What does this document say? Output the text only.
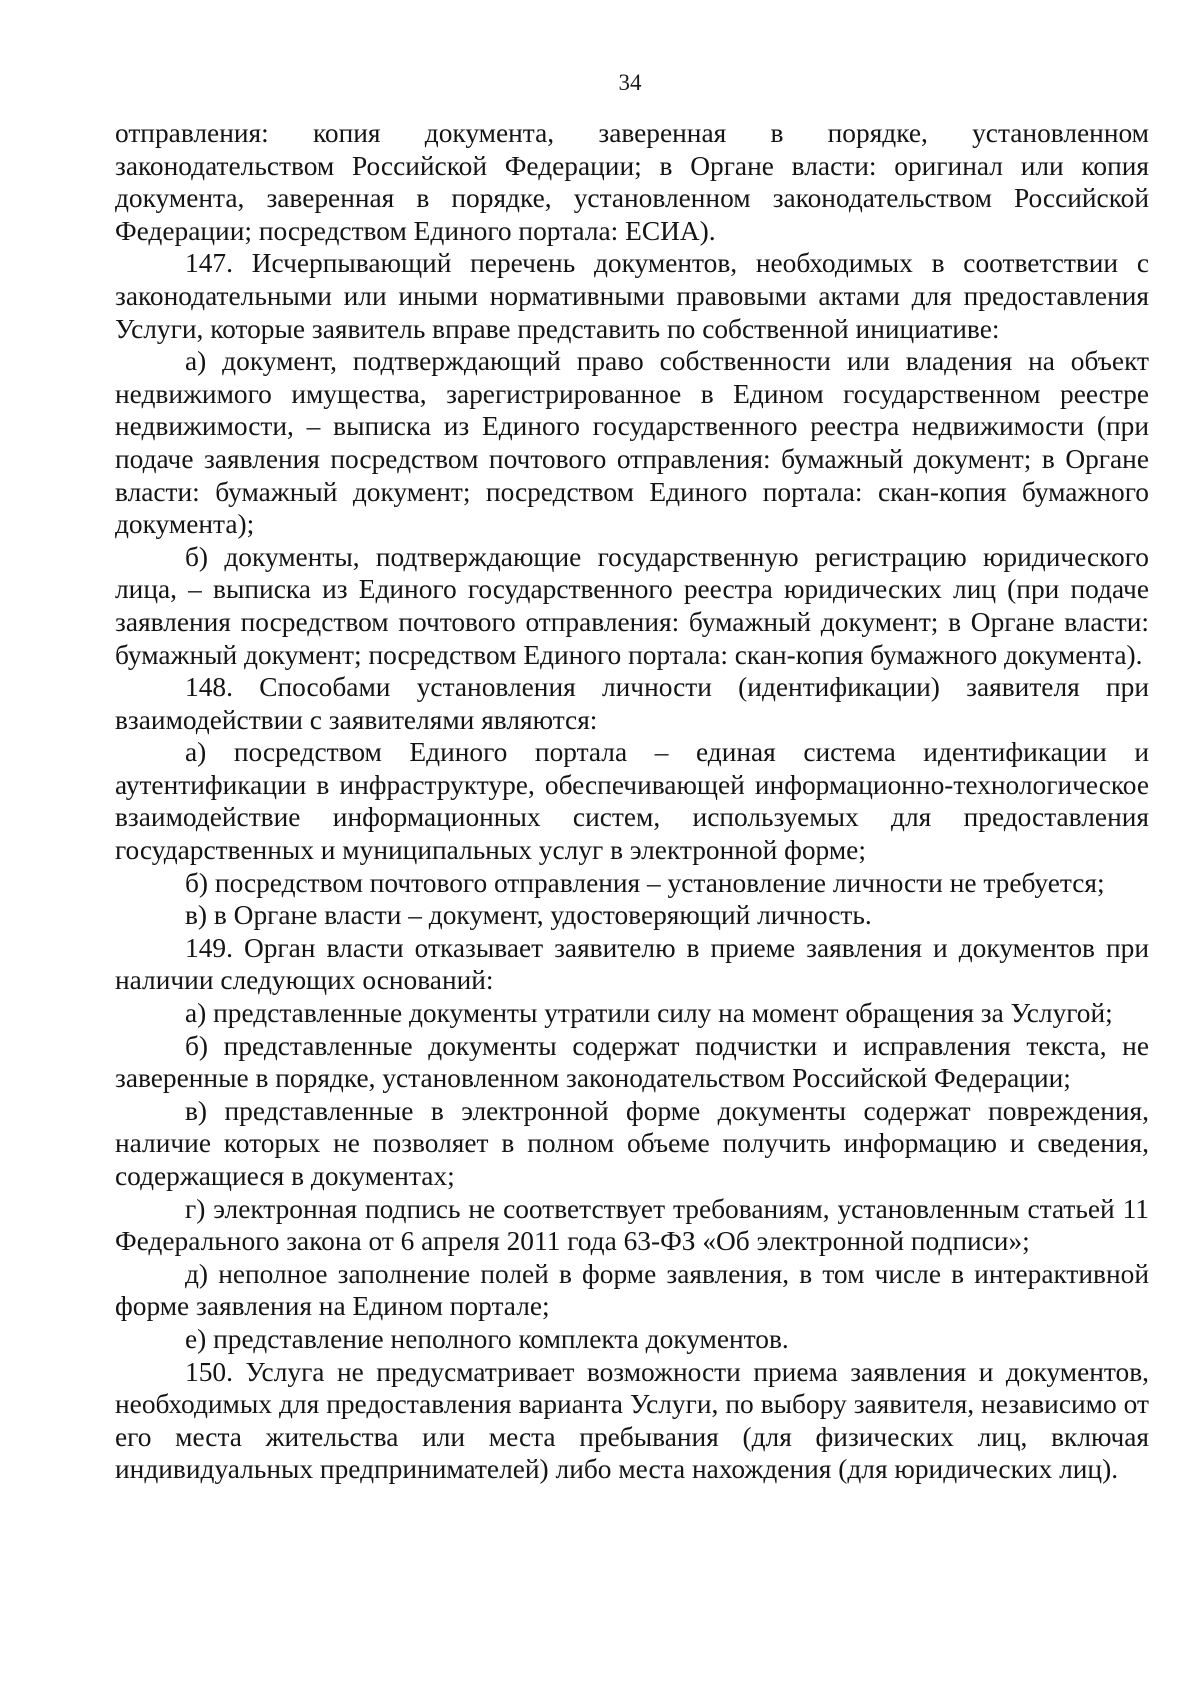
34

отправления: копия документа, заверенная в порядке, установленном законодательством Российской Федерации; в Органе власти: оригинал или копия документа, заверенная в порядке, установленном законодательством Российской Федерации; посредством Единого портала: ЕСИА).

147. Исчерпывающий перечень документов, необходимых в соответствии с законодательными или иными нормативными правовыми актами для предоставления Услуги, которые заявитель вправе представить по собственной инициативе:

а) документ, подтверждающий право собственности или владения на объект недвижимого имущества, зарегистрированное в Едином государственном реестре недвижимости, – выписка из Единого государственного реестра недвижимости (при подаче заявления посредством почтового отправления: бумажный документ; в Органе власти: бумажный документ; посредством Единого портала: скан-копия бумажного документа);

б) документы, подтверждающие государственную регистрацию юридического лица, – выписка из Единого государственного реестра юридических лиц (при подаче заявления посредством почтового отправления: бумажный документ; в Органе власти: бумажный документ; посредством Единого портала: скан-копия бумажного документа).

148. Способами установления личности (идентификации) заявителя при взаимодействии с заявителями являются:

а) посредством Единого портала – единая система идентификации и аутентификации в инфраструктуре, обеспечивающей информационно-технологическое взаимодействие информационных систем, используемых для предоставления государственных и муниципальных услуг в электронной форме;

б) посредством почтового отправления – установление личности не требуется;

в) в Органе власти – документ, удостоверяющий личность.

149. Орган власти отказывает заявителю в приеме заявления и документов при наличии следующих оснований:

а) представленные документы утратили силу на момент обращения за Услугой;

б) представленные документы содержат подчистки и исправления текста, не заверенные в порядке, установленном законодательством Российской Федерации;

в) представленные в электронной форме документы содержат повреждения, наличие которых не позволяет в полном объеме получить информацию и сведения, содержащиеся в документах;

г) электронная подпись не соответствует требованиям, установленным статьей 11 Федерального закона от 6 апреля 2011 года 63-ФЗ «Об электронной подписи»;

д) неполное заполнение полей в форме заявления, в том числе в интерактивной форме заявления на Едином портале;

е) представление неполного комплекта документов.

150. Услуга не предусматривает возможности приема заявления и документов, необходимых для предоставления варианта Услуги, по выбору заявителя, независимо от его места жительства или места пребывания (для физических лиц, включая индивидуальных предпринимателей) либо места нахождения (для юридических лиц).
